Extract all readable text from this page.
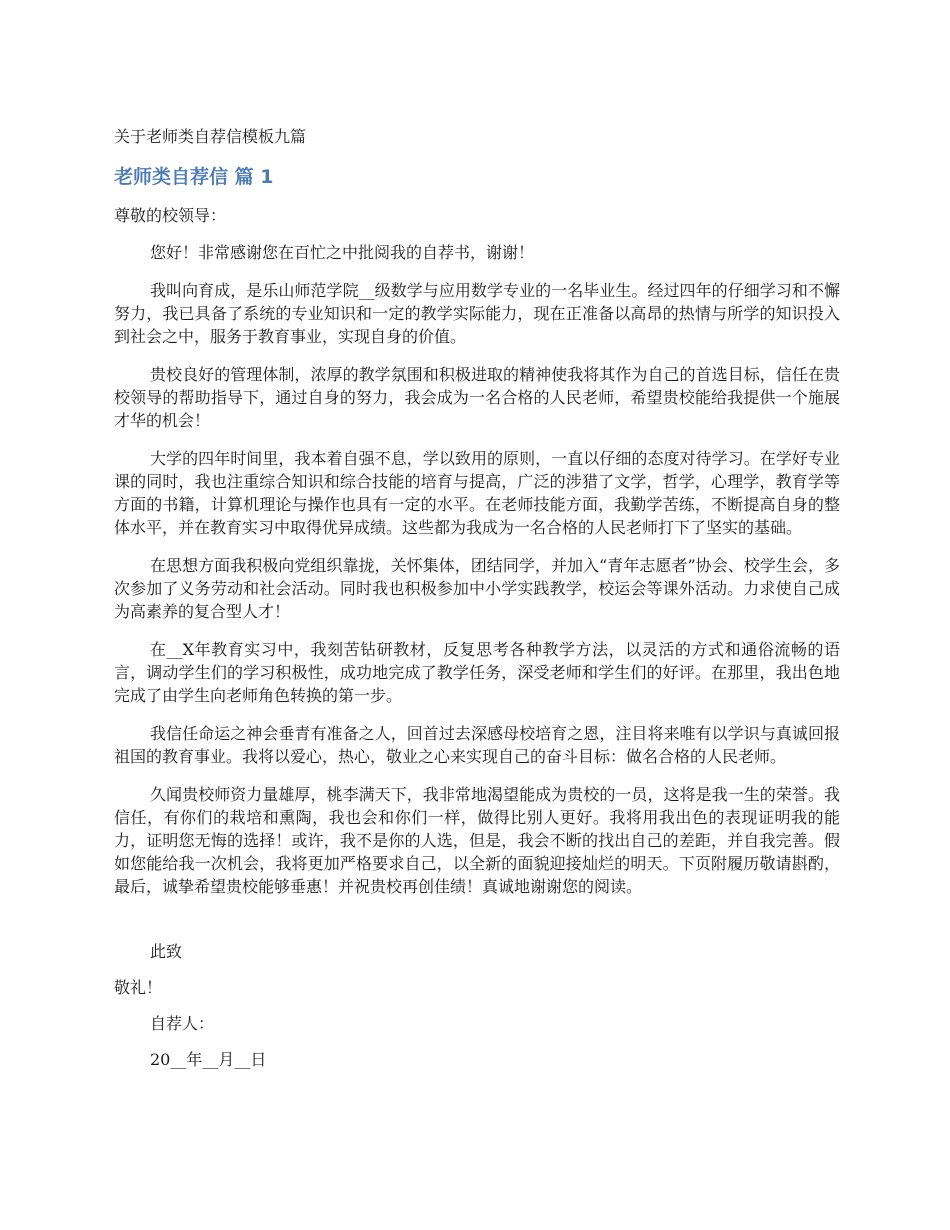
关于老师类自荐信模板九篇
老师类自荐信 篇 1
尊敬的校领导：

您好！非常感谢您在百忙之中批阅我的自荐书，谢谢！

我叫向育成，是乐山师范学院__级数学与应用数学专业的一名毕业生。经过四年的仔细学习和不懈努力，我已具备了系统的专业知识和一定的教学实际能力，现在正准备以高昂的热情与所学的知识投入到社会之中，服务于教育事业，实现自身的价值。

贵校良好的管理体制，浓厚的教学氛围和积极进取的精神使我将其作为自己的首选目标，信任在贵校领导的帮助指导下，通过自身的努力，我会成为一名合格的人民老师，希望贵校能给我提供一个施展才华的机会！

大学的四年时间里，我本着自强不息，学以致用的原则，一直以仔细的态度对待学习。在学好专业课的同时，我也注重综合知识和综合技能的培育与提高，广泛的涉猎了文学，哲学，心理学，教育学等方面的书籍，计算机理论与操作也具有一定的水平。在老师技能方面，我勤学苦练，不断提高自身的整体水平，并在教育实习中取得优异成绩。这些都为我成为一名合格的人民老师打下了坚实的基础。

在思想方面我积极向党组织靠拢，关怀集体，团结同学，并加入“青年志愿者”协会、校学生会，多次参加了义务劳动和社会活动。同时我也积极参加中小学实践教学，校运会等课外活动。力求使自己成为高素养的复合型人才！

在__X年教育实习中，我刻苦钻研教材，反复思考各种教学方法，以灵活的方式和通俗流畅的语言，调动学生们的学习积极性，成功地完成了教学任务，深受老师和学生们的好评。在那里，我出色地完成了由学生向老师角色转换的第一步。

我信任命运之神会垂青有准备之人，回首过去深感母校培育之恩，注目将来唯有以学识与真诚回报祖国的教育事业。我将以爱心，热心，敬业之心来实现自己的奋斗目标：做名合格的人民老师。

久闻贵校师资力量雄厚，桃李满天下，我非常地渴望能成为贵校的一员，这将是我一生的荣誉。我信任，有你们的栽培和熏陶，我也会和你们一样，做得比别人更好。我将用我出色的表现证明我的能力，证明您无悔的选择！或许，我不是你的人选，但是，我会不断的找出自己的差距，并自我完善。假如您能给我一次机会，我将更加严格要求自己，以全新的面貌迎接灿烂的明天。下页附履历敬请斟酌，最后，诚挚希望贵校能够垂惠！并祝贵校再创佳绩！真诚地谢谢您的阅读。

此致
敬礼！
自荐人：
20__年__月__日
